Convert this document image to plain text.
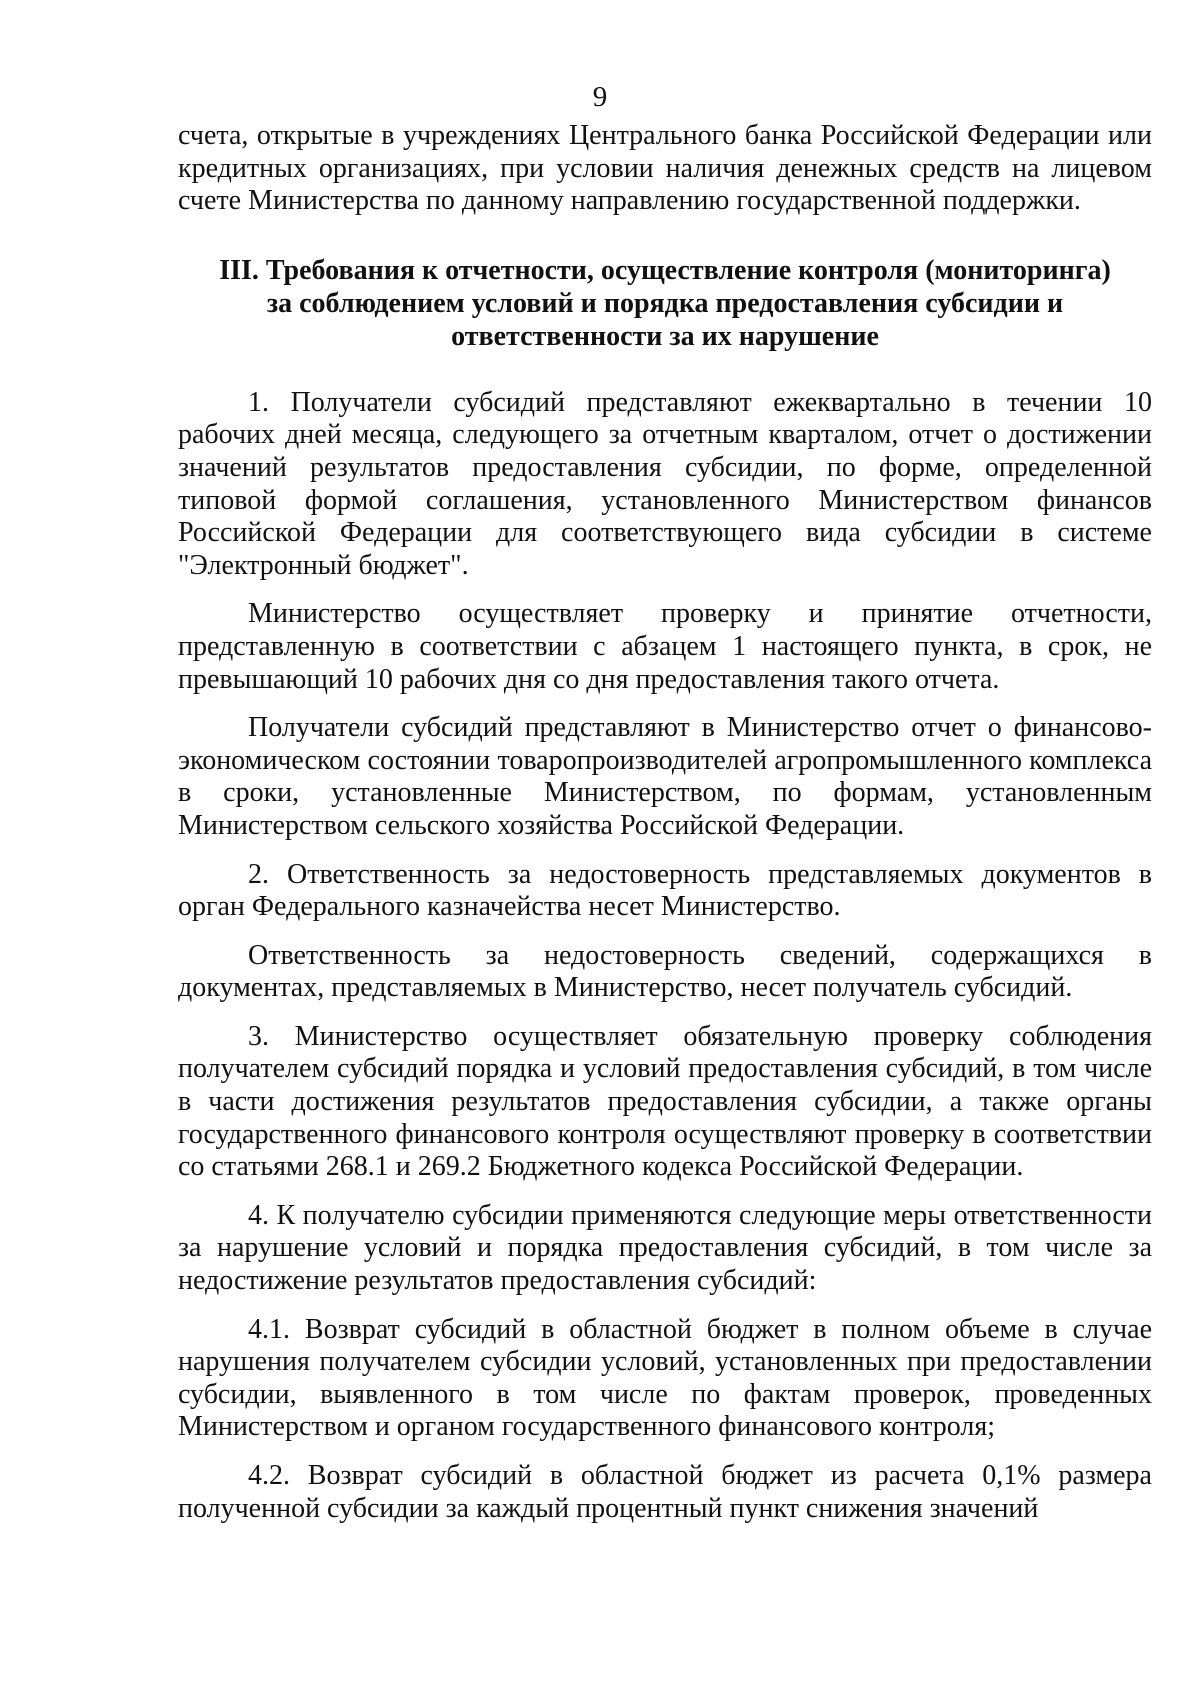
9

счета, открытые в учреждениях Центрального банка Российской Федерации или кредитных организациях, при условии наличия денежных средств на лицевом счете Министерства по данному направлению государственной поддержки.

III. Требования к отчетности, осуществление контроля (мониторинга)
за соблюдением условий и порядка предоставления субсидии и
ответственности за их нарушение

1. Получатели субсидий представляют ежеквартально в течении 10 рабочих дней месяца, следующего за отчетным кварталом, отчет о достижении значений результатов предоставления субсидии, по форме, определенной типовой формой соглашения, установленного Министерством финансов Российской Федерации для соответствующего вида субсидии в системе "Электронный бюджет".

Министерство осуществляет проверку и принятие отчетности, представленную в соответствии с абзацем 1 настоящего пункта, в срок, не превышающий 10 рабочих дня со дня предоставления такого отчета.

Получатели субсидий представляют в Министерство отчет о финансово-экономическом состоянии товаропроизводителей агропромышленного комплекса в сроки, установленные Министерством, по формам, установленным Министерством сельского хозяйства Российской Федерации.

2. Ответственность за недостоверность представляемых документов в орган Федерального казначейства несет Министерство.

Ответственность за недостоверность сведений, содержащихся в документах, представляемых в Министерство, несет получатель субсидий.

3. Министерство осуществляет обязательную проверку соблюдения получателем субсидий порядка и условий предоставления субсидий, в том числе в части достижения результатов предоставления субсидии, а также органы государственного финансового контроля осуществляют проверку в соответствии со статьями 268.1 и 269.2 Бюджетного кодекса Российской Федерации.

4. К получателю субсидии применяются следующие меры ответственности за нарушение условий и порядка предоставления субсидий, в том числе за недостижение результатов предоставления субсидий:

4.1. Возврат субсидий в областной бюджет в полном объеме в случае нарушения получателем субсидии условий, установленных при предоставлении субсидии, выявленного в том числе по фактам проверок, проведенных Министерством и органом государственного финансового контроля;

4.2. Возврат субсидий в областной бюджет из расчета 0,1% размера полученной субсидии за каждый процентный пункт снижения значений
